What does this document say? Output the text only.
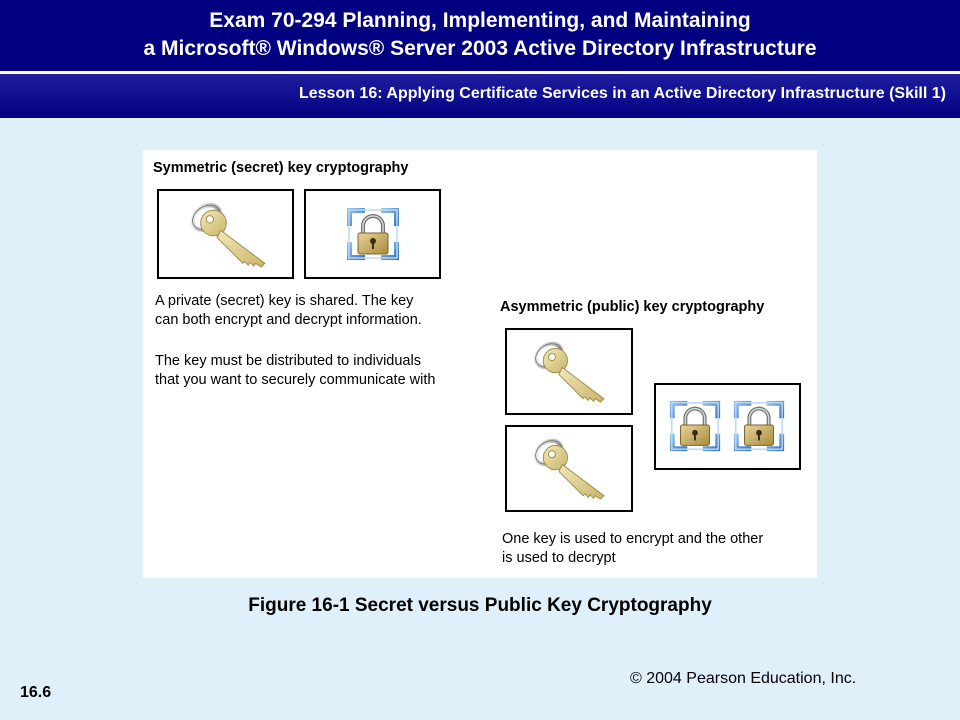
Exam 70-294 Planning, Implementing, and Maintaining
a Microsoft® Windows® Server 2003 Active Directory Infrastructure
Lesson 16: Applying Certificate Services in an Active Directory Infrastructure (Skill 1)
Symmetric (secret) key cryptography
A private (secret) key is shared. The key
can both encrypt and decrypt information.
The key must be distributed to individuals
that you want to securely communicate with
Asymmetric (public) key cryptography
One key is used to encrypt and the other
is used to decrypt
Figure 16-1 Secret versus Public Key Cryptography
16.6
© 2004 Pearson Education, Inc.
